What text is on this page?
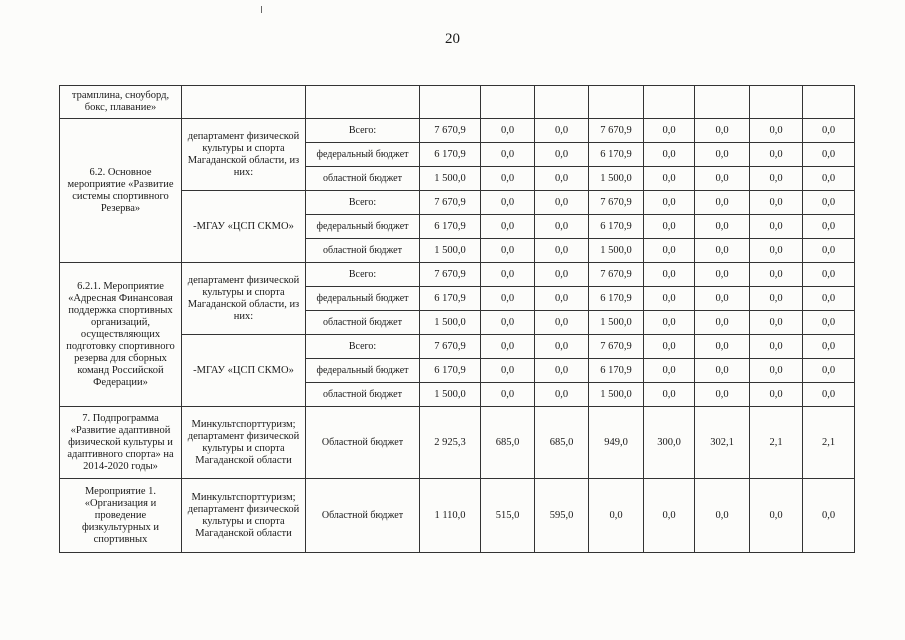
20
трамплина, сноуборд, бокс, плавание»										
6.2. Основное мероприятие «Развитие системы спортивного Резерва»	департамент физической культуры и спорта Магаданской области, из них:	Всего:	7 670,9	0,0	0,0	7 670,9	0,0	0,0	0,0	0,0
		федеральный бюджет	6 170,9	0,0	0,0	6 170,9	0,0	0,0	0,0	0,0
		областной бюджет	1 500,0	0,0	0,0	1 500,0	0,0	0,0	0,0	0,0
	-МГАУ «ЦСП СКМО»	Всего:	7 670,9	0,0	0,0	7 670,9	0,0	0,0	0,0	0,0
		федеральный бюджет	6 170,9	0,0	0,0	6 170,9	0,0	0,0	0,0	0,0
		областной бюджет	1 500,0	0,0	0,0	1 500,0	0,0	0,0	0,0	0,0
6.2.1. Мероприятие «Адресная Финансовая поддержка спортивных организаций, осуществляющих подготовку спортивного резерва для сборных команд Российской Федерации»	департамент физической культуры и спорта Магаданской области, из них:	Всего:	7 670,9	0,0	0,0	7 670,9	0,0	0,0	0,0	0,0
		федеральный бюджет	6 170,9	0,0	0,0	6 170,9	0,0	0,0	0,0	0,0
		областной бюджет	1 500,0	0,0	0,0	1 500,0	0,0	0,0	0,0	0,0
	-МГАУ «ЦСП СКМО»	Всего:	7 670,9	0,0	0,0	7 670,9	0,0	0,0	0,0	0,0
		федеральный бюджет	6 170,9	0,0	0,0	6 170,9	0,0	0,0	0,0	0,0
		областной бюджет	1 500,0	0,0	0,0	1 500,0	0,0	0,0	0,0	0,0
7. Подпрограмма «Развитие адаптивной физической культуры и адаптивного спорта» на 2014-2020 годы»	Минкультспорттуризм; департамент физической культуры и спорта Магаданской области	Областной бюджет	2 925,3	685,0	685,0	949,0	300,0	302,1	2,1	2,1
Мероприятие 1. «Организация и проведение физкультурных и спортивных	Минкультспорттуризм; департамент физической культуры и спорта Магаданской области	Областной бюджет	1 110,0	515,0	595,0	0,0	0,0	0,0	0,0	0,0
